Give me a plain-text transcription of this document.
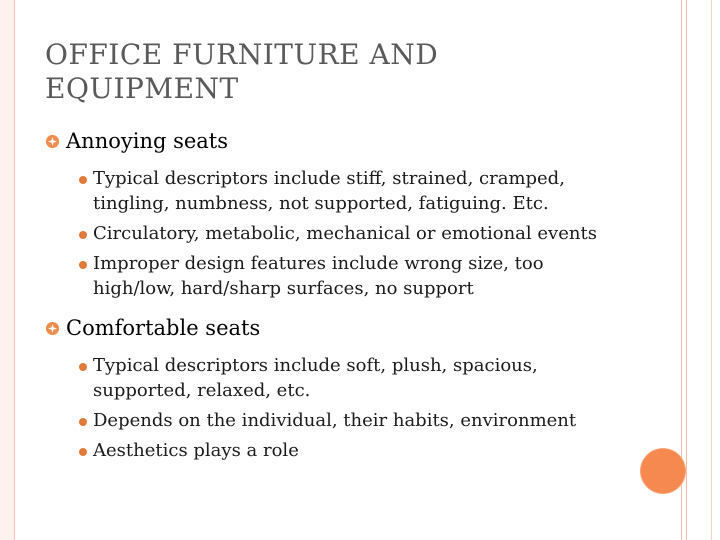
OFFICE FURNITURE AND
EQUIPMENT
Annoying seats
Typical descriptors include stiff, strained, cramped, tingling, numbness, not supported, fatiguing. Etc.
Circulatory, metabolic, mechanical or emotional events
Improper design features include wrong size, too high/low, hard/sharp surfaces, no support
Comfortable seats
Typical descriptors include soft, plush, spacious, supported, relaxed, etc.
Depends on the individual, their habits, environment
Aesthetics plays a role
